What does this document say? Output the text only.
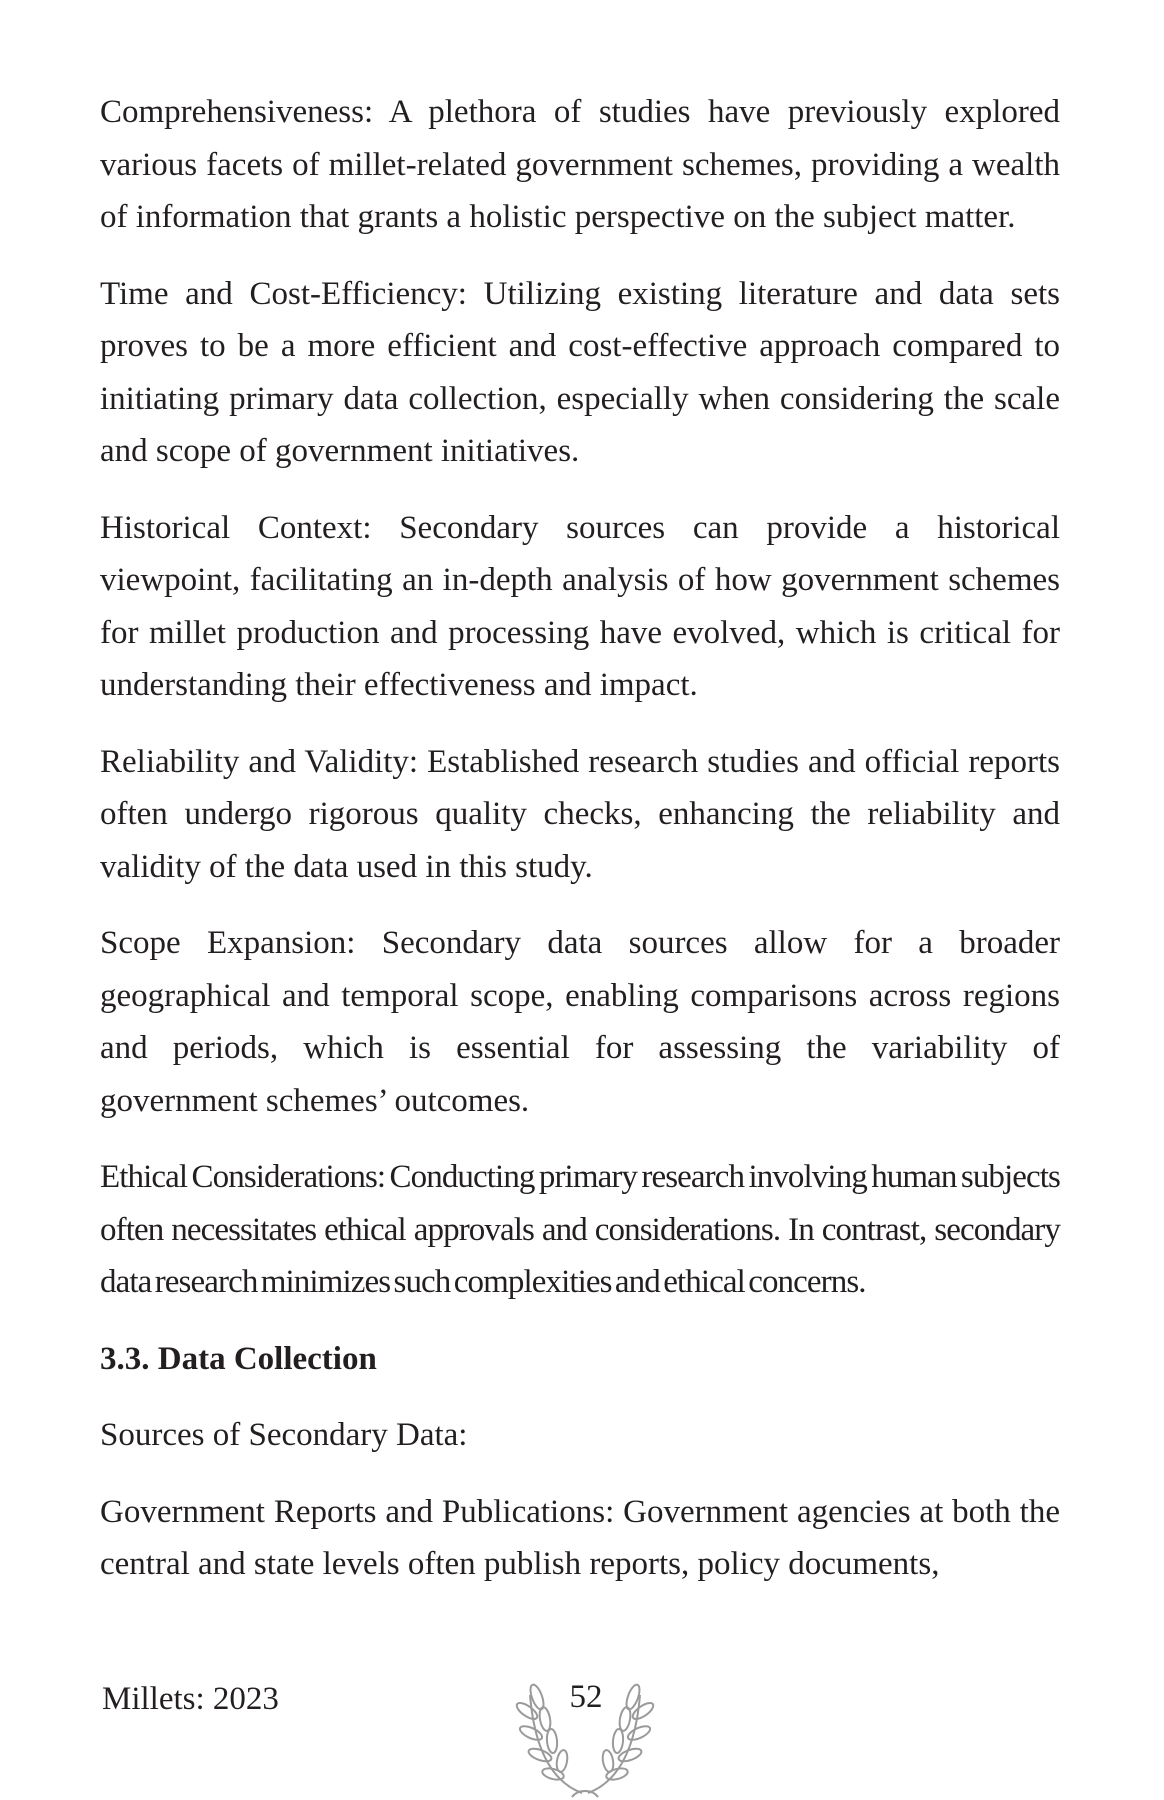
Comprehensiveness: A plethora of studies have previously explored various facets of millet-related government schemes, providing a wealth of information that grants a holistic perspective on the subject matter.

Time and Cost-Efficiency: Utilizing existing literature and data sets proves to be a more efficient and cost-effective approach compared to initiating primary data collection, especially when considering the scale and scope of government initiatives.

Historical Context: Secondary sources can provide a historical viewpoint, facilitating an in-depth analysis of how government schemes for millet production and processing have evolved, which is critical for understanding their effectiveness and impact.

Reliability and Validity: Established research studies and official reports often undergo rigorous quality checks, enhancing the reliability and validity of the data used in this study.

Scope Expansion: Secondary data sources allow for a broader geographical and temporal scope, enabling comparisons across regions and periods, which is essential for assessing the variability of government schemes’ outcomes.

Ethical Considerations: Conducting primary research involving human subjects often necessitates ethical approvals and considerations. In contrast, secondary data research minimizes such complexities and ethical concerns.

3.3. Data Collection

Sources of Secondary Data:

Government Reports and Publications: Government agencies at both the central and state levels often publish reports, policy documents,

Millets: 2023	52
